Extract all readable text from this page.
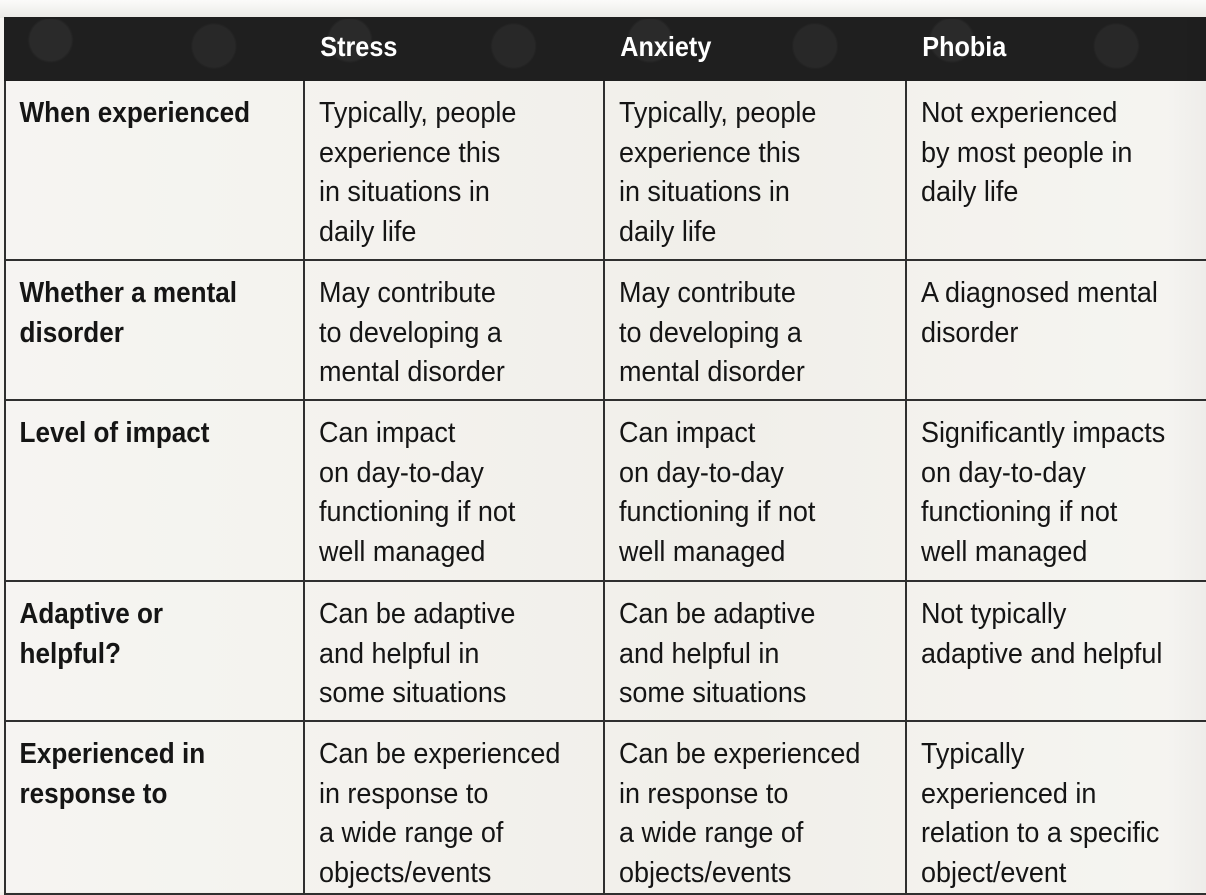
	Stress	Anxiety	Phobia

When experienced	Typically, people
experience this
in situations in
daily life	Typically, people
experience this
in situations in
daily life	Not experienced
by most people in
daily life

Whether a mental
disorder	May contribute
to developing a
mental disorder	May contribute
to developing a
mental disorder	A diagnosed mental
disorder

Level of impact	Can impact
on day-to-day
functioning if not
well managed	Can impact
on day-to-day
functioning if not
well managed	Significantly impacts
on day-to-day
functioning if not
well managed

Adaptive or
helpful?	Can be adaptive
and helpful in
some situations	Can be adaptive
and helpful in
some situations	Not typically
adaptive and helpful

Experienced in
response to	Can be experienced
in response to
a wide range of
objects/events	Can be experienced
in response to
a wide range of
objects/events	Typically
experienced in
relation to a specific
object/event
